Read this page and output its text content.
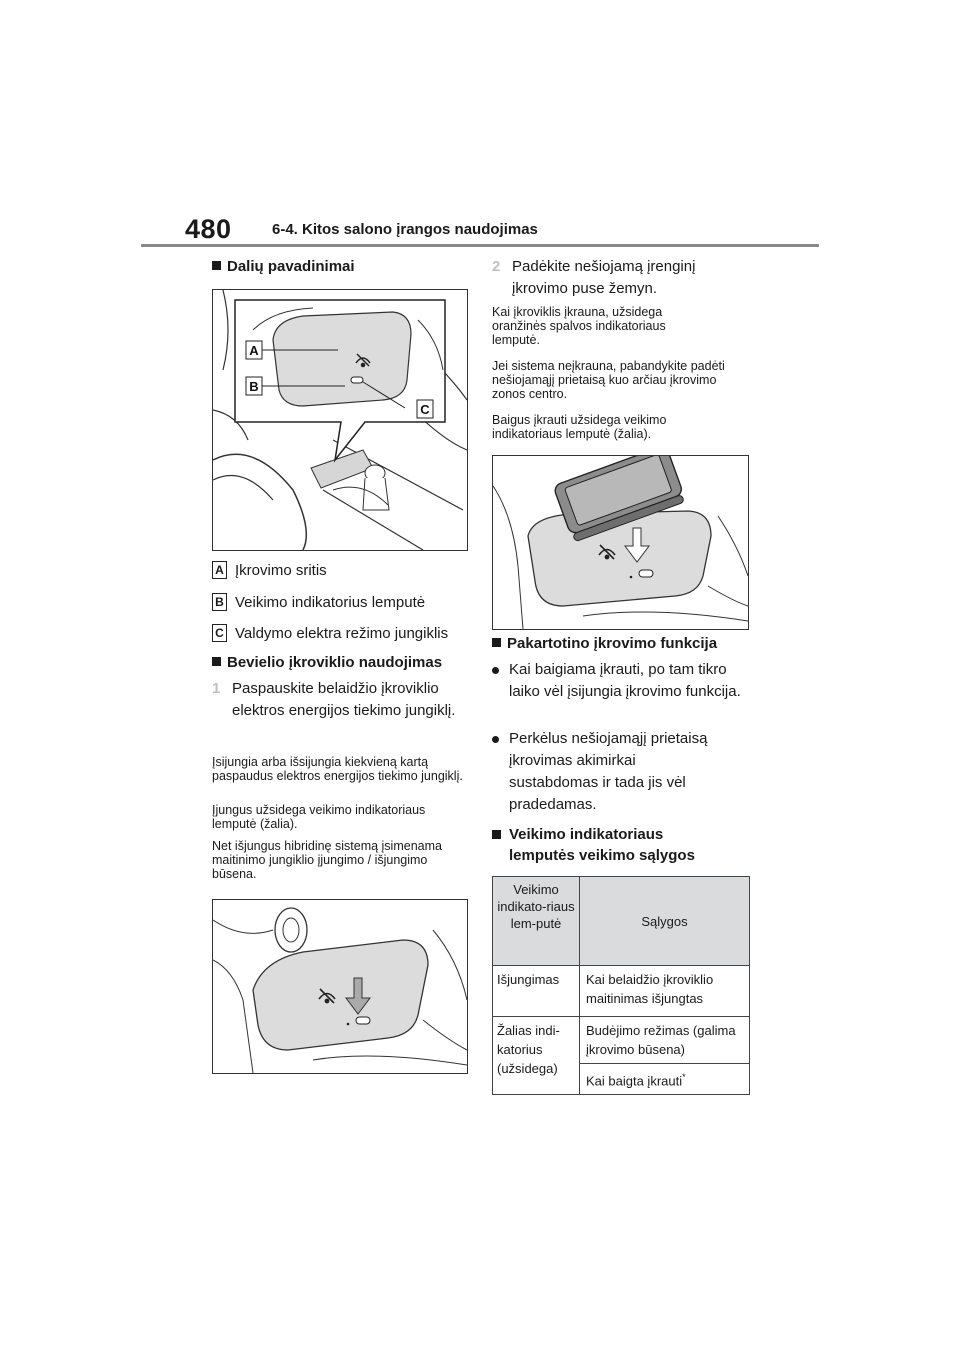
480	6-4. Kitos salono įrangos naudojimas
Dalių pavadinimai
A
B
C
A Įkrovimo sritis
B Veikimo indikatorius lemputė
C Valdymo elektra režimo jungiklis
Bevielio įkroviklio naudojimas
1 Paspauskite belaidžio įkroviklio elektros energijos tiekimo jungiklį.
Įsijungia arba išsijungia kiekvieną kartą paspaudus elektros energijos tiekimo jungiklį.
Įjungus užsidega veikimo indikatoriaus lemputė (žalia).
Net išjungus hibridinę sistemą įsimenama maitinimo jungiklio įjungimo / išjungimo būsena.
2 Padėkite nešiojamą įrenginį įkrovimo puse žemyn.
Kai įkroviklis įkrauna, užsidega oranžinės spalvos indikatoriaus lemputė.
Jei sistema neįkrauna, pabandykite padėti nešiojamąjį prietaisą kuo arčiau įkrovimo zonos centro.
Baigus įkrauti užsidega veikimo indikatoriaus lemputė (žalia).
Pakartotino įkrovimo funkcija
Kai baigiama įkrauti, po tam tikro laiko vėl įsijungia įkrovimo funkcija.
Perkėlus nešiojamąjį prietaisą įkrovimas akimirkai sustabdomas ir tada jis vėl pradedamas.
Veikimo indikatoriaus lemputės veikimo sąlygos
Veikimo indikato-riaus lem-putė	Sąlygos
Išjungimas	Kai belaidžio įkroviklio maitinimas išjungtas
Žalias indi-katorius (užsidega)	Budėjimo režimas (galima įkrovimo būsena)
	Kai baigta įkrauti*
